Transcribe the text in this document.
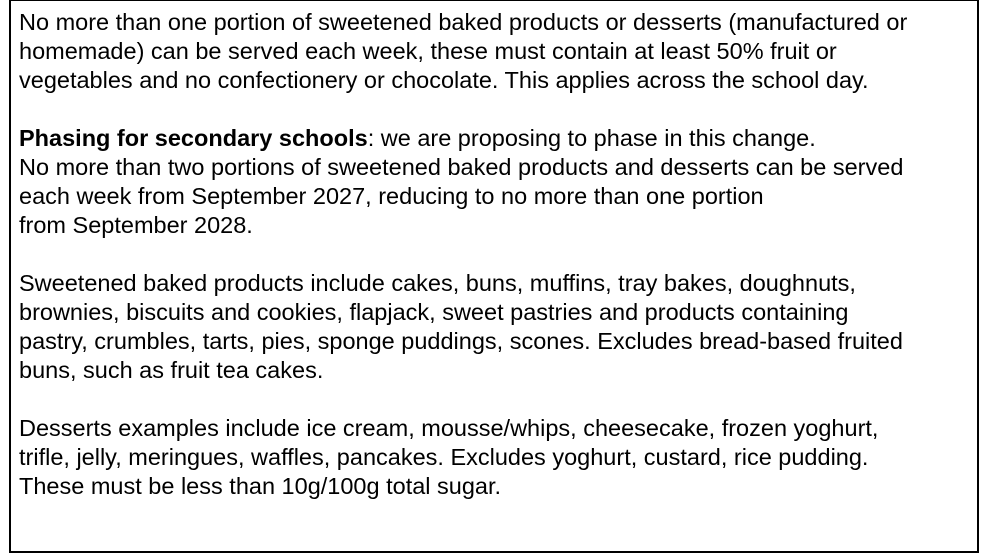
No more than one portion of sweetened baked products or desserts (manufactured or
homemade) can be served each week, these must contain at least 50% fruit or
vegetables and no confectionery or chocolate. This applies across the school day.

Phasing for secondary schools: we are proposing to phase in this change.
No more than two portions of sweetened baked products and desserts can be served
each week from September 2027, reducing to no more than one portion
from September 2028.

Sweetened baked products include cakes, buns, muffins, tray bakes, doughnuts,
brownies, biscuits and cookies, flapjack, sweet pastries and products containing
pastry, crumbles, tarts, pies, sponge puddings, scones. Excludes bread-based fruited
buns, such as fruit tea cakes.

Desserts examples include ice cream, mousse/whips, cheesecake, frozen yoghurt,
trifle, jelly, meringues, waffles, pancakes. Excludes yoghurt, custard, rice pudding.
These must be less than 10g/100g total sugar.
